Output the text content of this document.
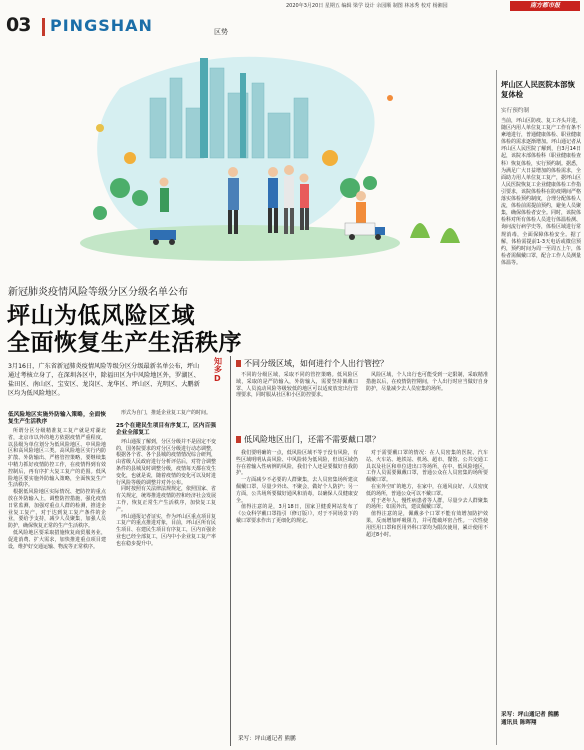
03 PINGSHAN	区势
2020年3月20日 星期五 编辑 梁学 设计 余园顺 制图 林冰秀 校对 杨湘园	南方都市报
新冠肺炎疫情风险等级分区分级名单公布
坪山为低风险区域
全面恢复生产生活秩序
3月16日，广东省新冠肺炎疫情风险等级分区分级最新名单公布，坪山通过考核立身了，在深圳各区中，除福田区为中风险地区外，罗湖区、盐田区、南山区、宝安区、龙岗区、龙华区、坪山区、光明区、大鹏新区均为低风险地区。
知多D
低风险地区实施外防输入策略，全面恢复生产生活秩序
所谓分区分级精准复工复产就是对湖北省，北京市以外的地方依据疫情严重程度，以县级为单位划分为低风险地区、中风险地区和高风险地区三类。高风险地区实行内防扩散、外防输出、严格管控策略，要继续集中精力抓好疫情防控工作，在疫情得到有效控制后，再有序扩大复工复产的范围。低风险地区要实施外防输入策略，全面恢复生产生活秩序。
根据低风险地区实际情况、把防控的重点放在外防输入上，调整防控措施，强化疫情日常监测，加强对重点人群的检测，推进企业复工复产，对于达到复工复产条件的企业，要给予支持，减少人员聚集，加强人员防护，确保恢复正常的生产生活秩序。
低风险地区要采取措施恢复商贸服务业，促进消费、扩大需求，加快推进重点项目建设，维护好交通运输、物流等正常秩序。
形式为自门，推延企业复工复产的时间。
25个在建民生项目有序复工，区内百强企业全部复工
坪山通报了解到，分区分级并不是固定不变的，国务院要求的对分区分级进行动态调整，根据各个省、各个县城的疫情情况综合研判，由省级人民政府进行分析评估后，对符合调整条件的县城及时调整分级，疫情每天都在发生变化，也就是说，随着疫情的变化可以及时进行风险等级的调整并对外公布。
同时按照有关法律法规规定，依照国家、省有关规定，统筹推进疫情防控和经济社会发展工作，恢复正常生产生活秩序，加快复工复产。
坪山通报记者证实，作为坪山区重点项目复工复产的重点推进对象，目前，坪山区所有民生项目、在建民生项目有序复工，区内百强企业也已经全部复工，区内中小企业复工复产率也在稳步提升中。
不同分级区域，如何进行个人出行管控？
不同的分级区域，采取不同的管控策略。低风险区域，采取的是严防输入，外防输入，需要坚持佩戴口罩、人员流动风险等级较低的地区可以适度放宽出行管理要求，同时服从社区和小区防控要求。
风险区域，个人出行也可能受到一定限制，采取精准措施以后，在疫情防控期间，个人出行时应当做好自身防护，尽量减少去人员密集的场所。
低风险地区出门，还需不需要戴口罩？
我们要明确的一点，低风险区域不等于没有风险，有些区域明明从高风险、中风险转为低风险，但该区域仍存在着输入性病例的风险，我们个人还是要做好自我防护。
一方面减少不必要的人群聚集，去人员密集场所建议佩戴口罩，尽量少外出、不聚会，做好个人防护；另一方面，公共场所要做好通风和消毒，以确保人员健康安全。
值得注意的是，3月18日，国家卫健委网站发布了《公众科学戴口罩指引（修订版）》，对于不同场景下的戴口罩要求作出了更细化的规定。
对于需要戴口罩的情况：在人员密集的医院、汽车站、火车站、地铁站、机场、超市、餐馆、公共交通工具以及社区和单位进出口等场所，在中、低风险地区，工作人员需要佩戴口罩，普通公众在人员密集的场所要佩戴口罩。
在室外空旷的地方，在家中，在通风良好、人员密度低的场所，普通公众可以不戴口罩。
对于老年人、慢性病患者等人群，尽量少去人群聚集的场所；如需外出，建议佩戴口罩。
值得注意的是，佩戴多个口罩不能有效增加防护效果，反而增加呼吸阻力，并可能破坏密合性。一次性使用医用口罩和医用外科口罩均为限次使用，累计使用不超过8小时。
采写：坪山通记者 熊鹏
坪山区人民医院本部恢复体检
实行预约制
当前，坪山区防疫、复工齐头并进，随区内用人单位复工复产工作有条不紊地进行，普通健康体检、职业健康体检的需求逐渐增加。坪山通记者从坪山区人民医院了解到，自3月14日起，该院本部体检科（职业健康检查科）恢复体检，实行预约制。据悉，为满足广大日益增加的体检需求，全面助力用人单位复工复产，据坪山区人民医院恢复工企业健康体检工作指引要求，该院体检科在防疫期间严格落实体检预约制度，合理分配体检人流，体检前需提前预约，避免人员聚集，确保体检者安全。同时，该院体检科对所有体检人员进行体温检测、询问流行病学史等，体检区域进行常规消毒，全面保障体检安全。据了解，体检需提前1-3天电话或微信预约，预约时间为周一至周五上午，体检者需佩戴口罩，配合工作人员测量体温等。
采写：坪山通记者 熊鹏
通讯员 陈晖翔
